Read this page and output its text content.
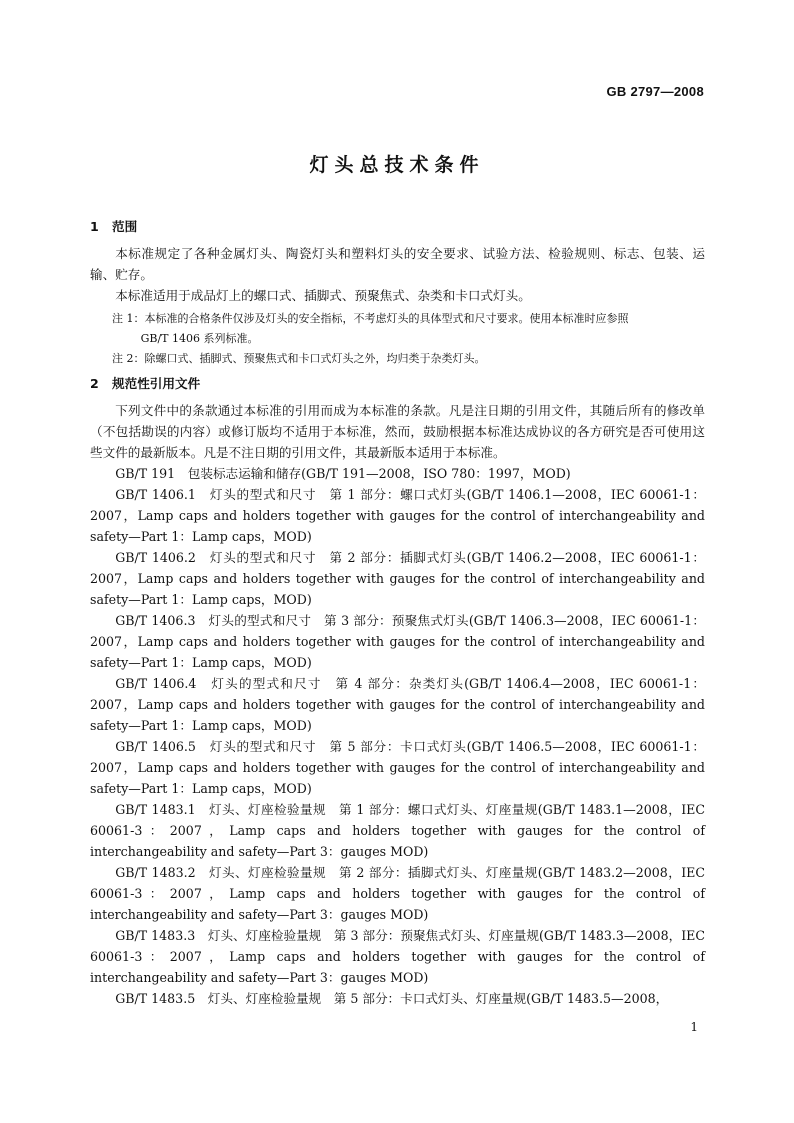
GB 2797—2008
灯头总技术条件
1 范围

本标准规定了各种金属灯头、陶瓷灯头和塑料灯头的安全要求、试验方法、检验规则、标志、包装、运输、贮存。

本标准适用于成品灯上的螺口式、插脚式、预聚焦式、杂类和卡口式灯头。

注 1：本标准的合格条件仅涉及灯头的安全指标，不考虑灯头的具体型式和尺寸要求。使用本标准时应参照

GB/T 1406 系列标准。

注 2：除螺口式、插脚式、预聚焦式和卡口式灯头之外，均归类于杂类灯头。

2 规范性引用文件

下列文件中的条款通过本标准的引用而成为本标准的条款。凡是注日期的引用文件，其随后所有的修改单（不包括勘误的内容）或修订版均不适用于本标准，然而，鼓励根据本标准达成协议的各方研究是否可使用这些文件的最新版本。凡是不注日期的引用文件，其最新版本适用于本标准。

GB/T 191　包装标志运输和储存(GB/T 191—2008，ISO 780：1997，MOD)

GB/T 1406.1　灯头的型式和尺寸　第 1 部分：螺口式灯头(GB/T 1406.1—2008，IEC 60061-1：2007，Lamp caps and holders together with gauges for the control of interchangeability and safety—Part 1：Lamp caps，MOD)

GB/T 1406.2　灯头的型式和尺寸　第 2 部分：插脚式灯头(GB/T 1406.2—2008，IEC 60061-1：2007，Lamp caps and holders together with gauges for the control of interchangeability and safety—Part 1：Lamp caps，MOD)

GB/T 1406.3　灯头的型式和尺寸　第 3 部分：预聚焦式灯头(GB/T 1406.3—2008，IEC 60061-1：2007，Lamp caps and holders together with gauges for the control of interchangeability and safety—Part 1：Lamp caps，MOD)

GB/T 1406.4　灯头的型式和尺寸　第 4 部分：杂类灯头(GB/T 1406.4—2008，IEC 60061-1：2007，Lamp caps and holders together with gauges for the control of interchangeability and safety—Part 1：Lamp caps，MOD)

GB/T 1406.5　灯头的型式和尺寸　第 5 部分：卡口式灯头(GB/T 1406.5—2008，IEC 60061-1：2007，Lamp caps and holders together with gauges for the control of interchangeability and safety—Part 1：Lamp caps，MOD)

GB/T 1483.1　灯头、灯座检验量规　第 1 部分：螺口式灯头、灯座量规(GB/T 1483.1—2008，IEC 60061-3：2007，Lamp caps and holders together with gauges for the control of interchangeability and safety—Part 3：gauges MOD)

GB/T 1483.2　灯头、灯座检验量规　第 2 部分：插脚式灯头、灯座量规(GB/T 1483.2—2008，IEC 60061-3：2007，Lamp caps and holders together with gauges for the control of interchangeability and safety—Part 3：gauges MOD)

GB/T 1483.3　灯头、灯座检验量规　第 3 部分：预聚焦式灯头、灯座量规(GB/T 1483.3—2008，IEC 60061-3：2007，Lamp caps and holders together with gauges for the control of interchangeability and safety—Part 3：gauges MOD)

GB/T 1483.5　灯头、灯座检验量规　第 5 部分：卡口式灯头、灯座量规(GB/T 1483.5—2008，

1
